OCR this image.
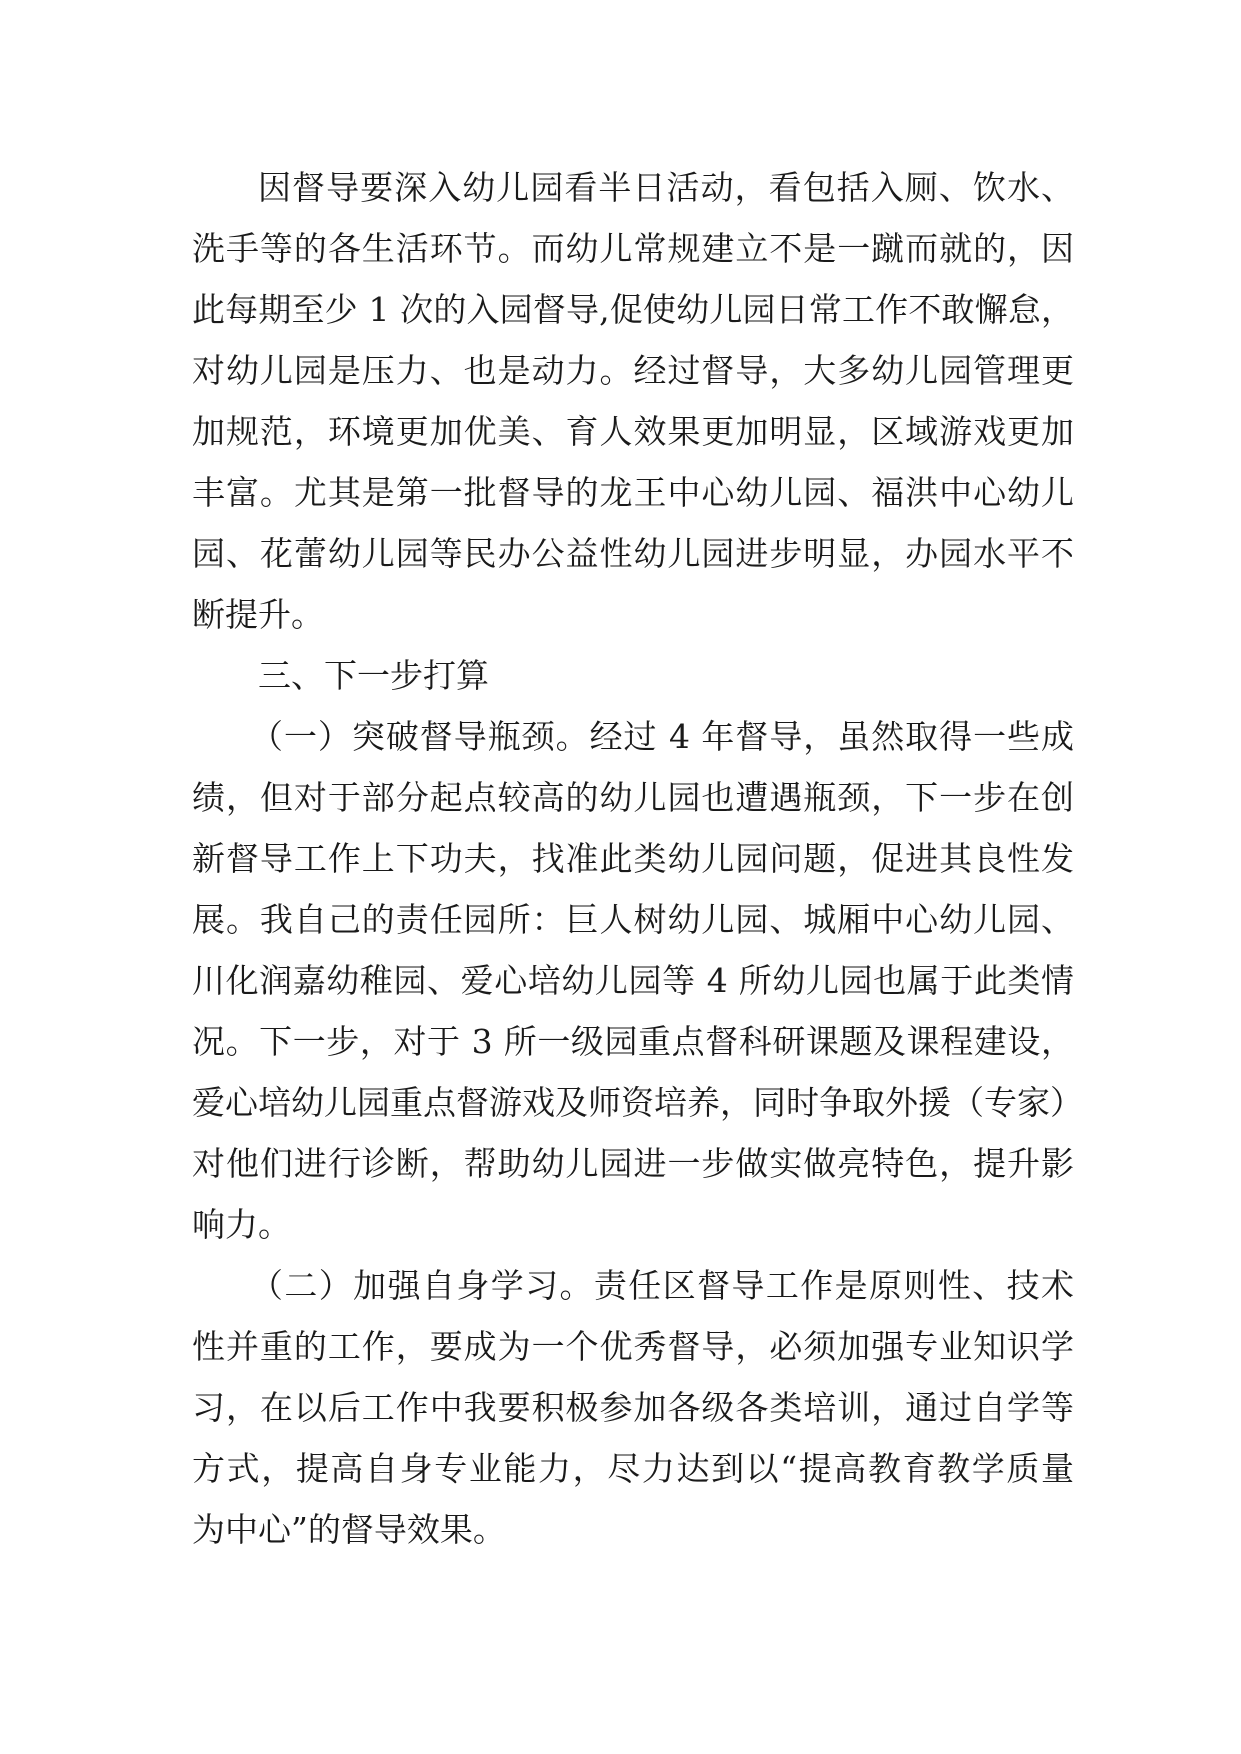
因督导要深入幼儿园看半日活动，看包括入厕、饮水、
洗手等的各生活环节。而幼儿常规建立不是一蹴而就的，因
此每期至少 1 次的入园督导,促使幼儿园日常工作不敢懈怠，
对幼儿园是压力、也是动力。经过督导，大多幼儿园管理更
加规范，环境更加优美、育人效果更加明显，区域游戏更加
丰富。尤其是第一批督导的龙王中心幼儿园、福洪中心幼儿
园、花蕾幼儿园等民办公益性幼儿园进步明显，办园水平不
断提升。
三、下一步打算
（一）突破督导瓶颈。经过 4 年督导，虽然取得一些成
绩，但对于部分起点较高的幼儿园也遭遇瓶颈，下一步在创
新督导工作上下功夫，找准此类幼儿园问题，促进其良性发
展。我自己的责任园所：巨人树幼儿园、城厢中心幼儿园、
川化润嘉幼稚园、爱心培幼儿园等 4 所幼儿园也属于此类情
况。下一步，对于 3 所一级园重点督科研课题及课程建设，
爱心培幼儿园重点督游戏及师资培养，同时争取外援（专家）
对他们进行诊断，帮助幼儿园进一步做实做亮特色，提升影
响力。
（二）加强自身学习。责任区督导工作是原则性、技术
性并重的工作，要成为一个优秀督导，必须加强专业知识学
习，在以后工作中我要积极参加各级各类培训，通过自学等
方式，提高自身专业能力，尽力达到以“提高教育教学质量
为中心”的督导效果。
